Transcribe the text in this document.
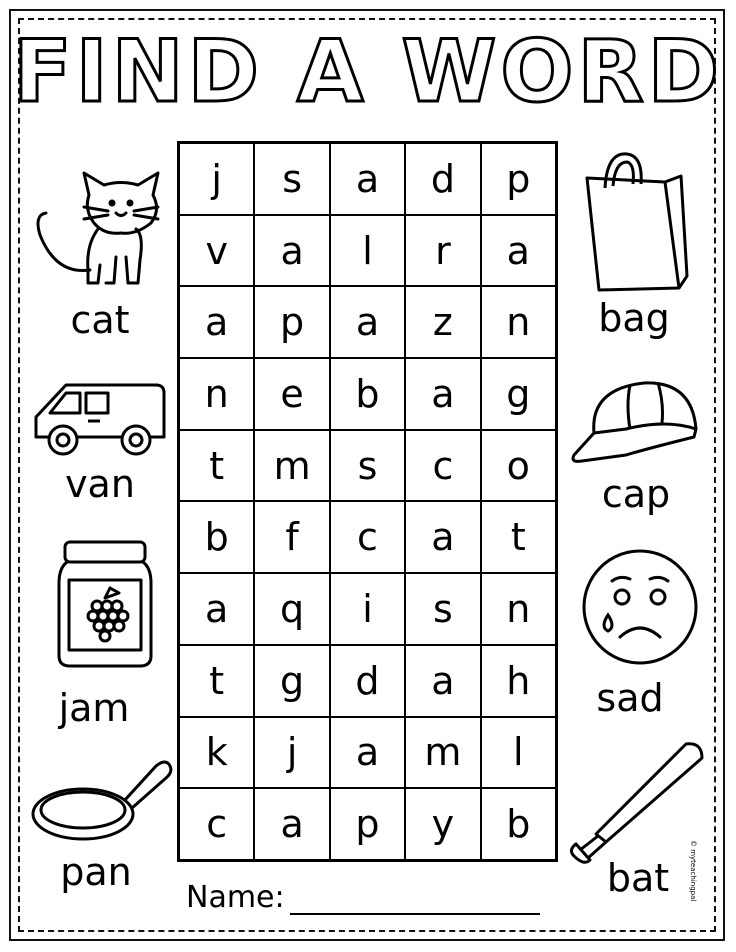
FIND A WORD
j	s	a	d	p
v	a	l	r	a
a	p	a	z	n
n	e	b	a	g
t	m	s	c	o
b	f	c	a	t
a	q	i	s	n
t	g	d	a	h
k	j	a	m	l
c	a	p	y	b
cat
van
jam
pan
bag
cap
sad
bat
Name:	© myteachingpal
